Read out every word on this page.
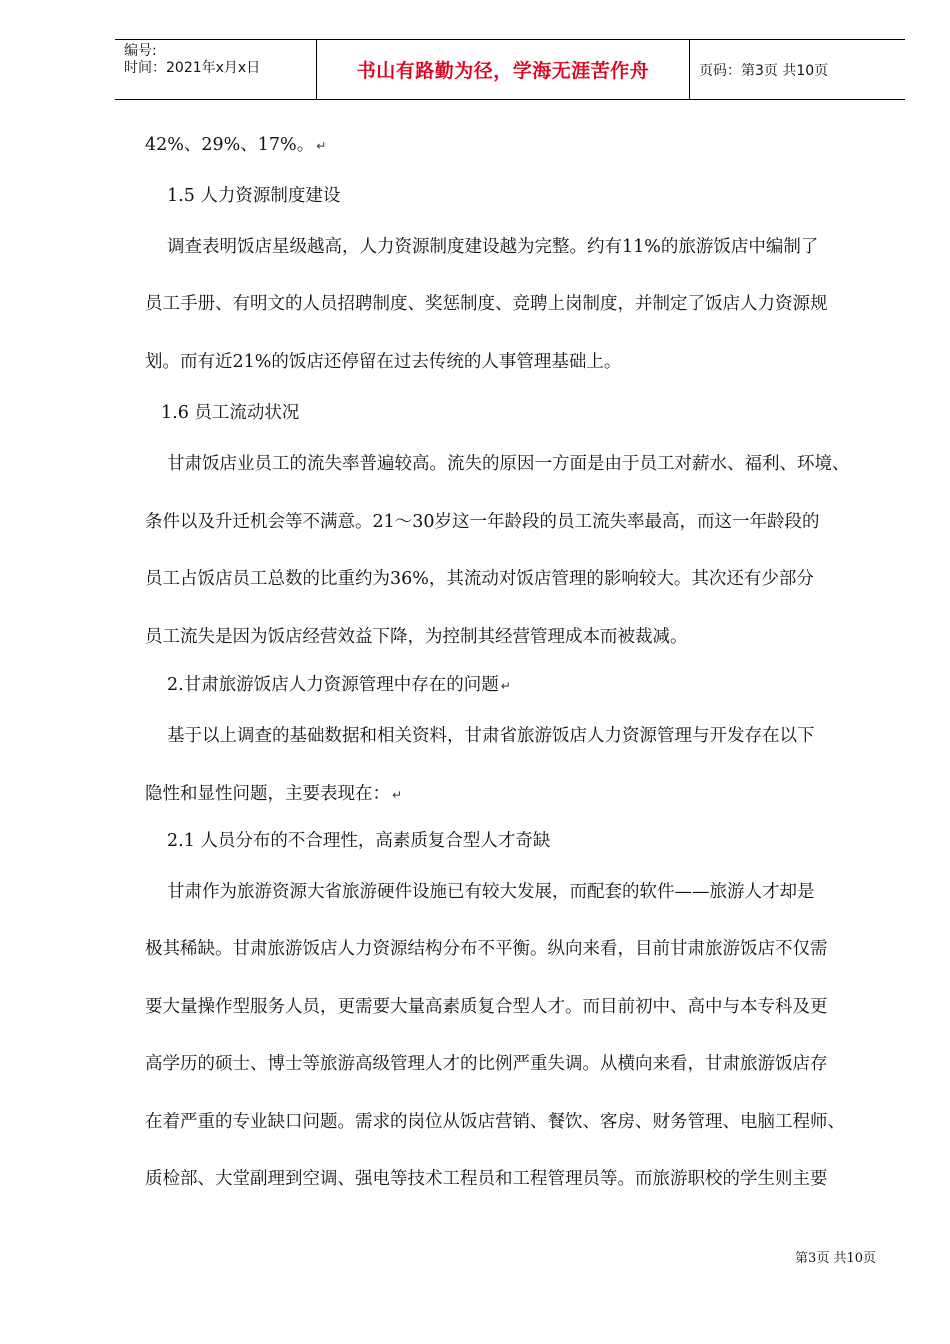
编号:
时间：2021年x月x日	书山有路勤为径，学海无涯苦作舟	页码：第3页 共10页
42%、29%、17%。 ↵
1.5 人力资源制度建设
调查表明饭店星级越高，人力资源制度建设越为完整。约有11%的旅游饭店中编制了
员工手册、有明文的人员招聘制度、奖惩制度、竞聘上岗制度，并制定了饭店人力资源规
划。而有近21%的饭店还停留在过去传统的人事管理基础上。
1.6 员工流动状况
甘肃饭店业员工的流失率普遍较高。流失的原因一方面是由于员工对薪水、福利、环境、
条件以及升迁机会等不满意。21～30岁这一年龄段的员工流失率最高，而这一年龄段的
员工占饭店员工总数的比重约为36%，其流动对饭店管理的影响较大。其次还有少部分
员工流失是因为饭店经营效益下降，为控制其经营管理成本而被裁减。
2.甘肃旅游饭店人力资源管理中存在的问题 ↵
基于以上调查的基础数据和相关资料，甘肃省旅游饭店人力资源管理与开发存在以下
隐性和显性问题，主要表现在： ↵
2.1 人员分布的不合理性，高素质复合型人才奇缺
甘肃作为旅游资源大省旅游硬件设施已有较大发展，而配套的软件——旅游人才却是
极其稀缺。甘肃旅游饭店人力资源结构分布不平衡。纵向来看，目前甘肃旅游饭店不仅需
要大量操作型服务人员，更需要大量高素质复合型人才。而目前初中、高中与本专科及更
高学历的硕士、博士等旅游高级管理人才的比例严重失调。从横向来看，甘肃旅游饭店存
在着严重的专业缺口问题。需求的岗位从饭店营销、餐饮、客房、财务管理、电脑工程师、
质检部、大堂副理到空调、强电等技术工程员和工程管理员等。而旅游职校的学生则主要
第3页 共10页
